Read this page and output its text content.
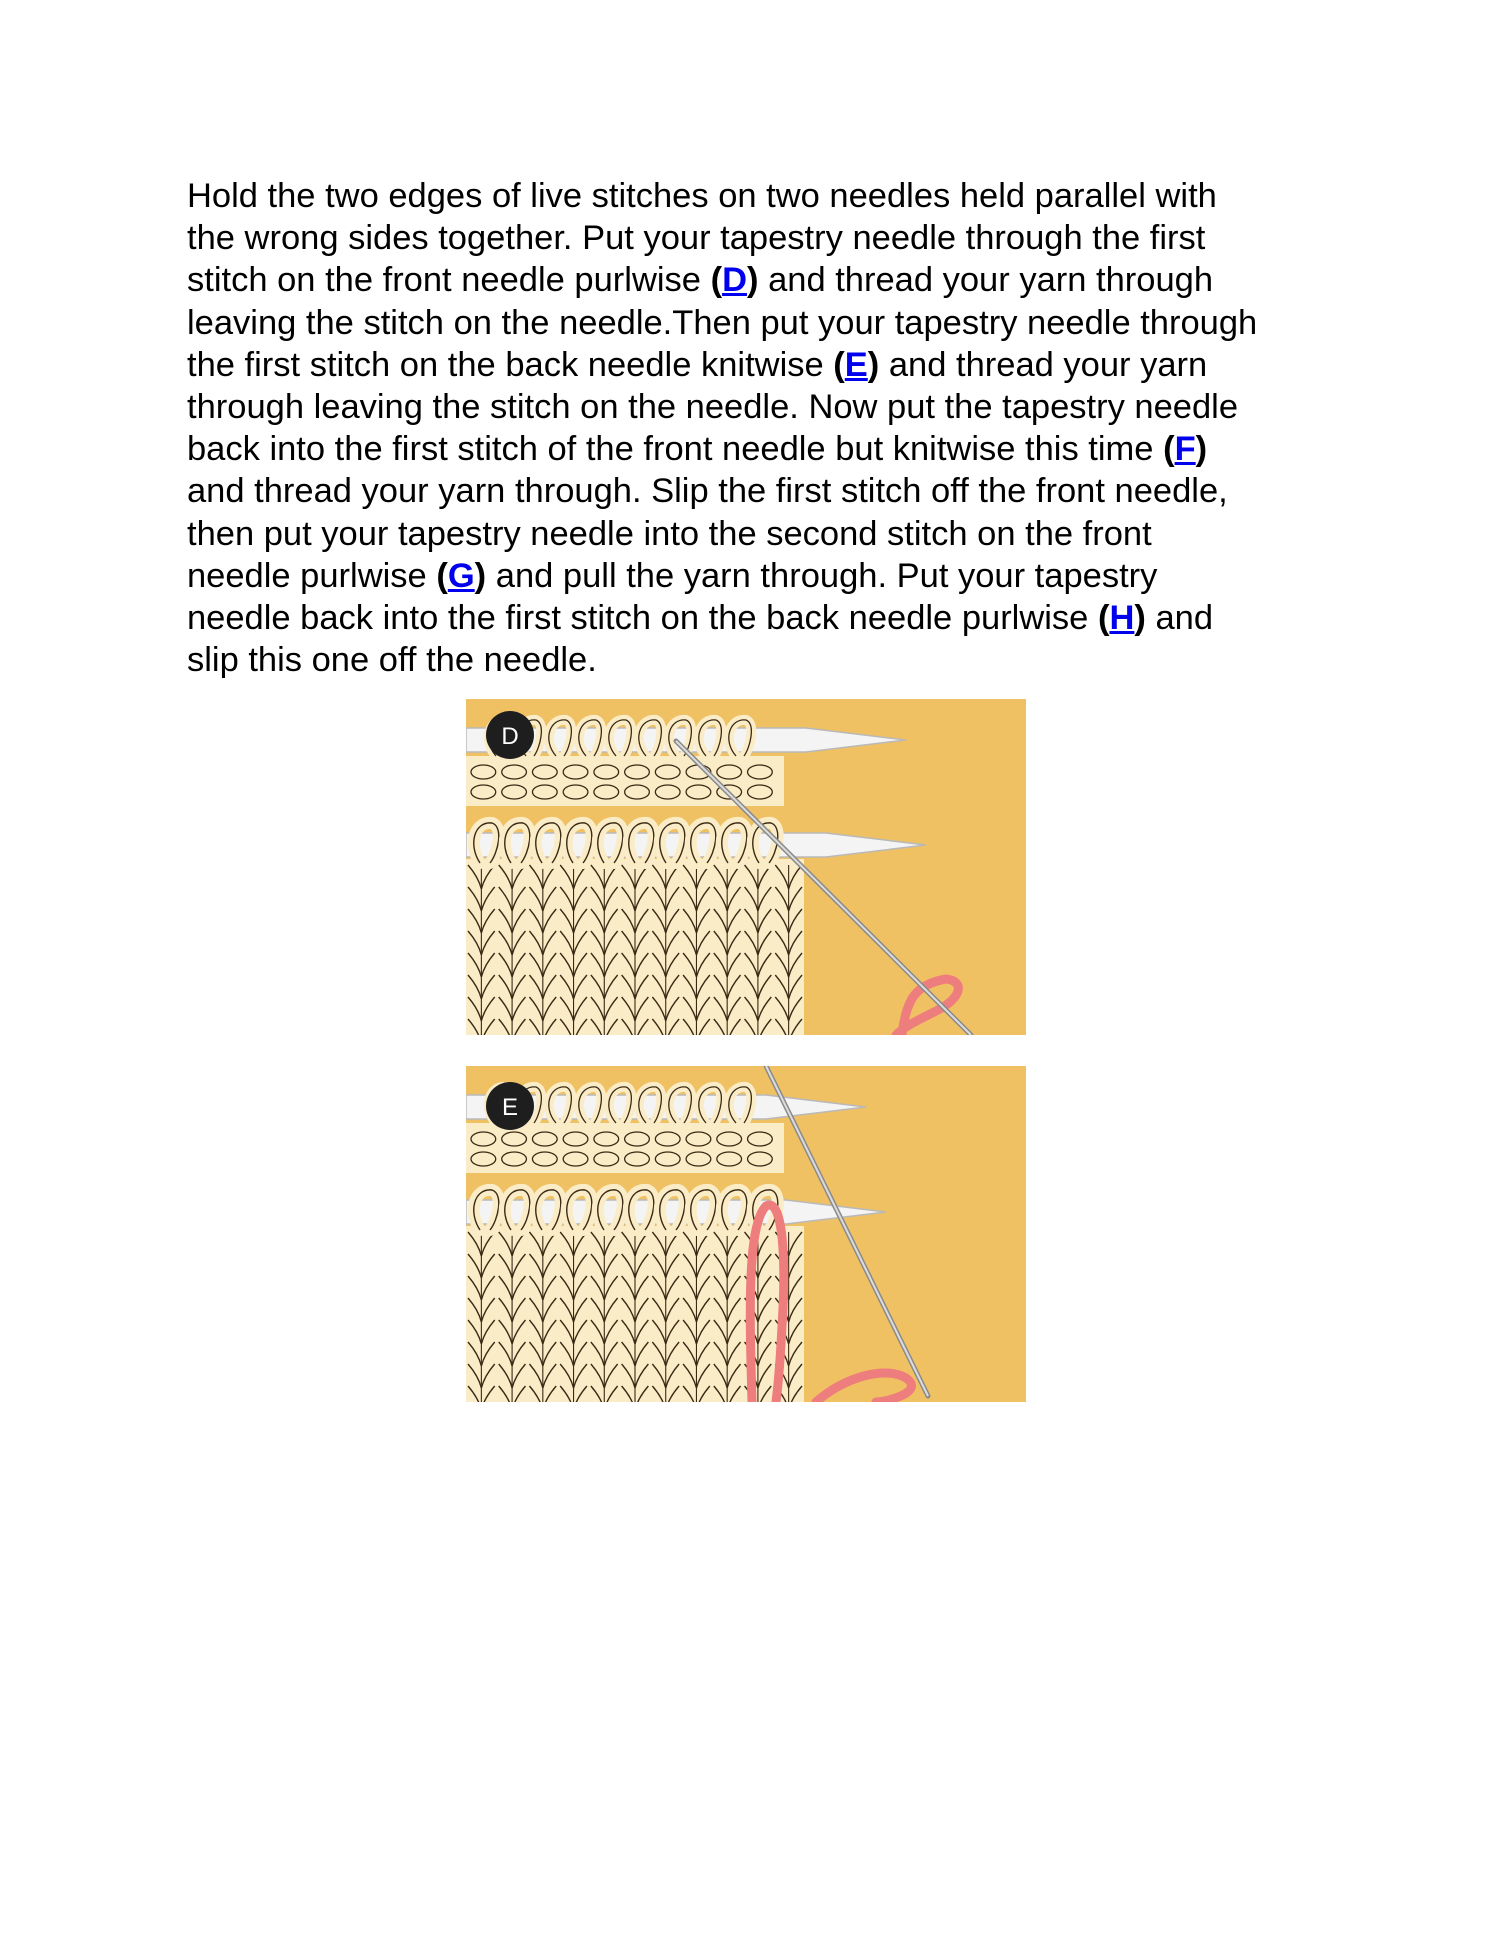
Hold the two edges of live stitches on two needles held parallel with
the wrong sides together. Put your tapestry needle through the first
stitch on the front needle purlwise (D) and thread your yarn through
leaving the stitch on the needle.Then put your tapestry needle through
the first stitch on the back needle knitwise (E) and thread your yarn
through leaving the stitch on the needle. Now put the tapestry needle
back into the first stitch of the front needle but knitwise this time (F)
and thread your yarn through. Slip the first stitch off the front needle,
then put your tapestry needle into the second stitch on the front
needle purlwise (G) and pull the yarn through. Put your tapestry
needle back into the first stitch on the back needle purlwise (H) and
slip this one off the needle.
D
E
